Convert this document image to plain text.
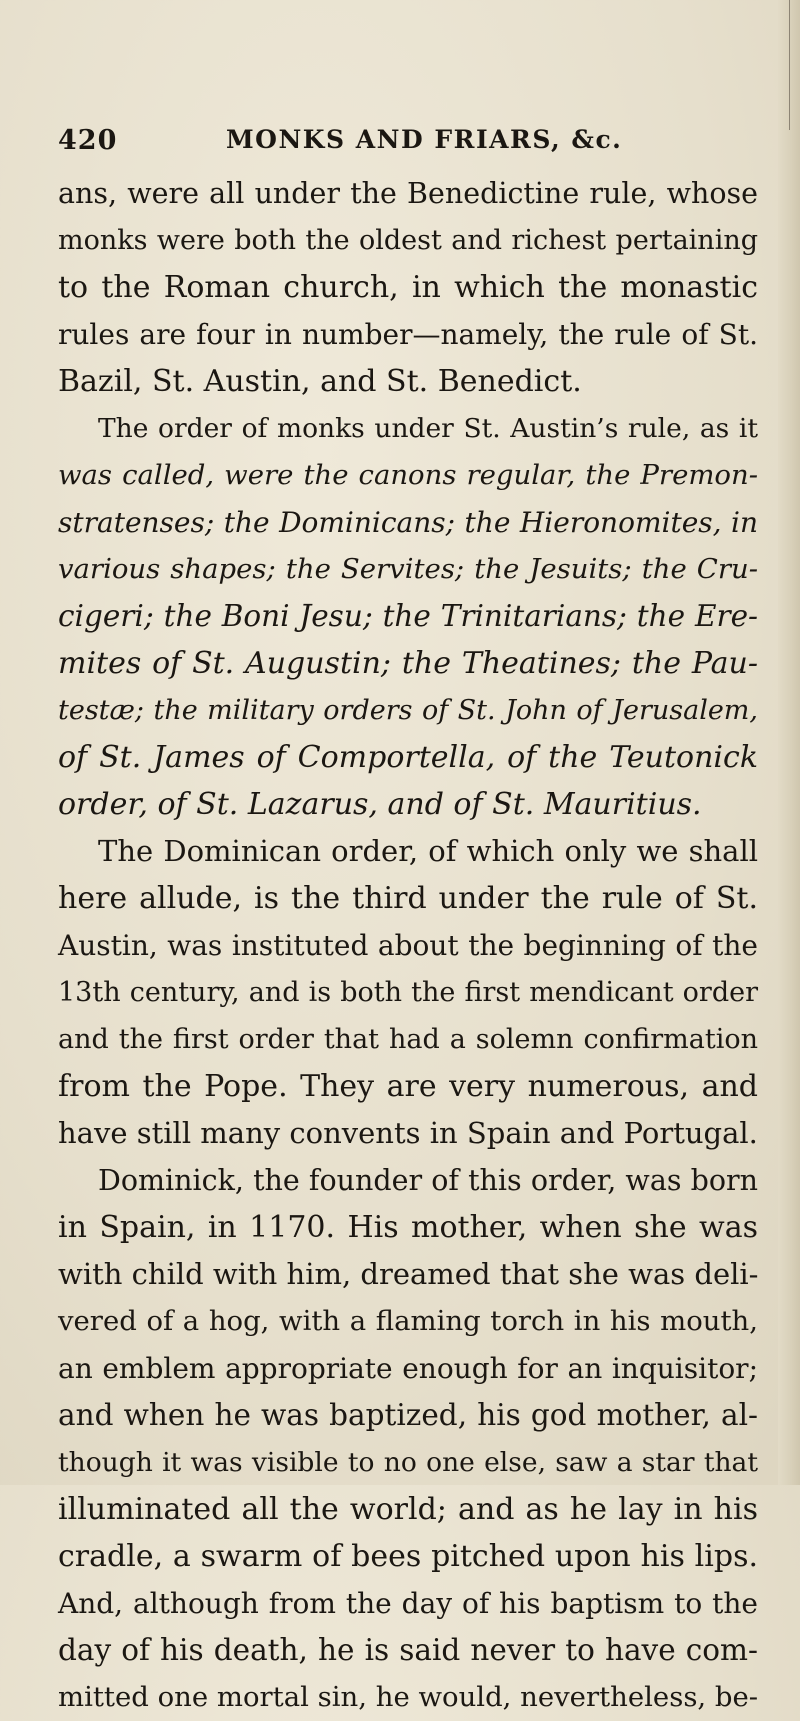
420	MONKS AND FRIARS, &c.
ans, were all under the Benedictine rule, whose
monks were both the oldest and richest pertaining
to the Roman church, in which the monastic
rules are four in number—namely, the rule of St.
Bazil, St. Austin, and St. Benedict.
The order of monks under St. Austin’s rule, as it
was called, were the canons regular, the Premon-
stratenses; the Dominicans; the Hieronomites, in
various shapes; the Servites; the Jesuits; the Cru-
cigeri; the Boni Jesu; the Trinitarians; the Ere-
mites of St. Augustin; the Theatines; the Pau-
testæ; the military orders of St. John of Jerusalem,
of St. James of Comportella, of the Teutonick
order, of St. Lazarus, and of St. Mauritius.
The Dominican order, of which only we shall
here allude, is the third under the rule of St.
Austin, was instituted about the beginning of the
13th century, and is both the first mendicant order
and the first order that had a solemn confirmation
from the Pope. They are very numerous, and
have still many convents in Spain and Portugal.
Dominick, the founder of this order, was born
in Spain, in 1170. His mother, when she was
with child with him, dreamed that she was deli-
vered of a hog, with a flaming torch in his mouth,
an emblem appropriate enough for an inquisitor;
and when he was baptized, his god mother, al-
though it was visible to no one else, saw a star that
illuminated all the world; and as he lay in his
cradle, a swarm of bees pitched upon his lips.
And, although from the day of his baptism to the
day of his death, he is said never to have com-
mitted one mortal sin, he would, nevertheless, be-
